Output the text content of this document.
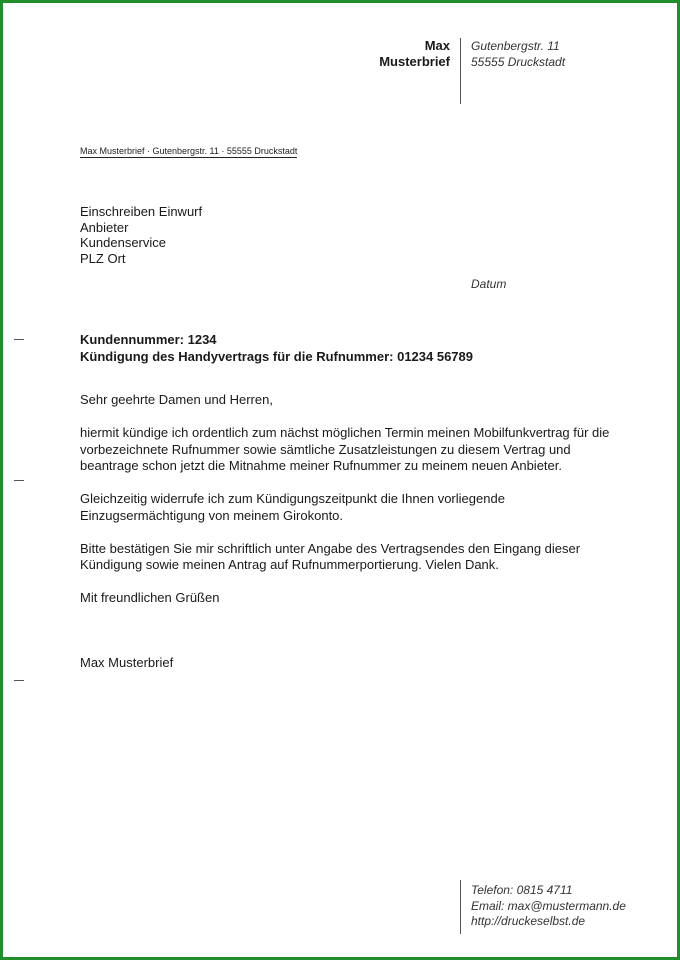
Max
Musterbrief
Gutenbergstr. 11
55555 Druckstadt
Max Musterbrief · Gutenbergstr. 11 · 55555 Druckstadt
Einschreiben Einwurf
Anbieter
Kundenservice
PLZ Ort
Datum
Kundennummer: 1234
Kündigung des Handyvertrags für die Rufnummer: 01234 56789

Sehr geehrte Damen und Herren,

hiermit kündige ich ordentlich zum nächst möglichen Termin meinen Mobilfunkvertrag für die vorbezeichnete Rufnummer sowie sämtliche Zusatzleistungen zu diesem Vertrag und beantrage schon jetzt die Mitnahme meiner Rufnummer zu meinem neuen Anbieter.

Gleichzeitig widerrufe ich zum Kündigungszeitpunkt die Ihnen vorliegende Einzugsermächtigung von meinem Girokonto.

Bitte bestätigen Sie mir schriftlich unter Angabe des Vertragsendes den Eingang dieser Kündigung sowie meinen Antrag auf Rufnummerportierung. Vielen Dank.

Mit freundlichen Grüßen

Max Musterbrief
Telefon: 0815 4711
Email: max@mustermann.de
http://druckeselbst.de
